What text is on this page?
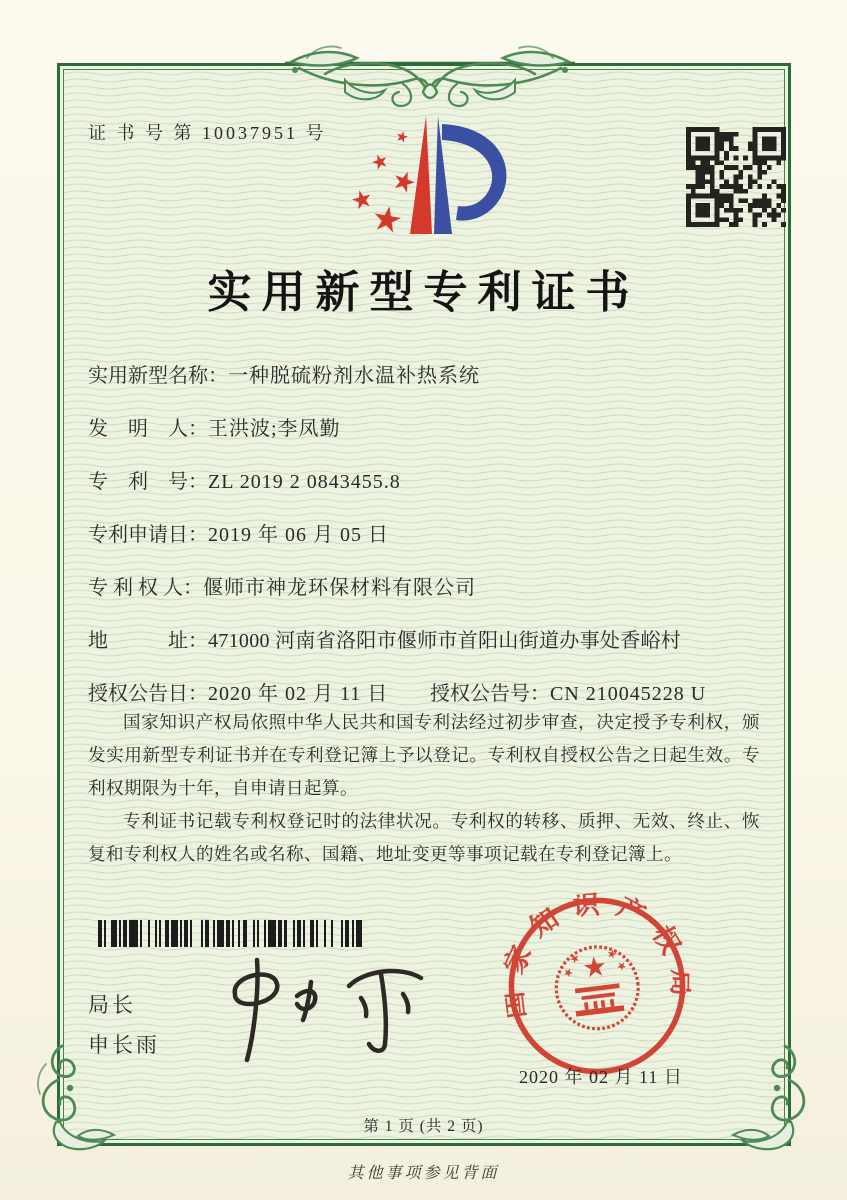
证 书 号 第 10037951 号
实用新型专利证书
实用新型名称：一种脱硫粉剂水温补热系统
发　明　人：王洪波;李凤勤
专　利　号：ZL 2019 2 0843455.8
专利申请日：2019 年 06 月 05 日
专 利 权 人：偃师市神龙环保材料有限公司
地　　　址：471000 河南省洛阳市偃师市首阳山街道办事处香峪村
授权公告日：2020 年 02 月 11 日 授权公告号：CN 210045228 U

国家知识产权局依照中华人民共和国专利法经过初步审查，决定授予专利权，颁发实用新型专利证书并在专利登记簿上予以登记。专利权自授权公告之日起生效。专利权期限为十年，自申请日起算。

专利证书记载专利权登记时的法律状况。专利权的转移、质押、无效、终止、恢复和专利权人的姓名或名称、国籍、地址变更等事项记载在专利登记簿上。

局长
申长雨
国家知识产权局
2020 年 02 月 11 日
第 1 页 (共 2 页)
其他事项参见背面
